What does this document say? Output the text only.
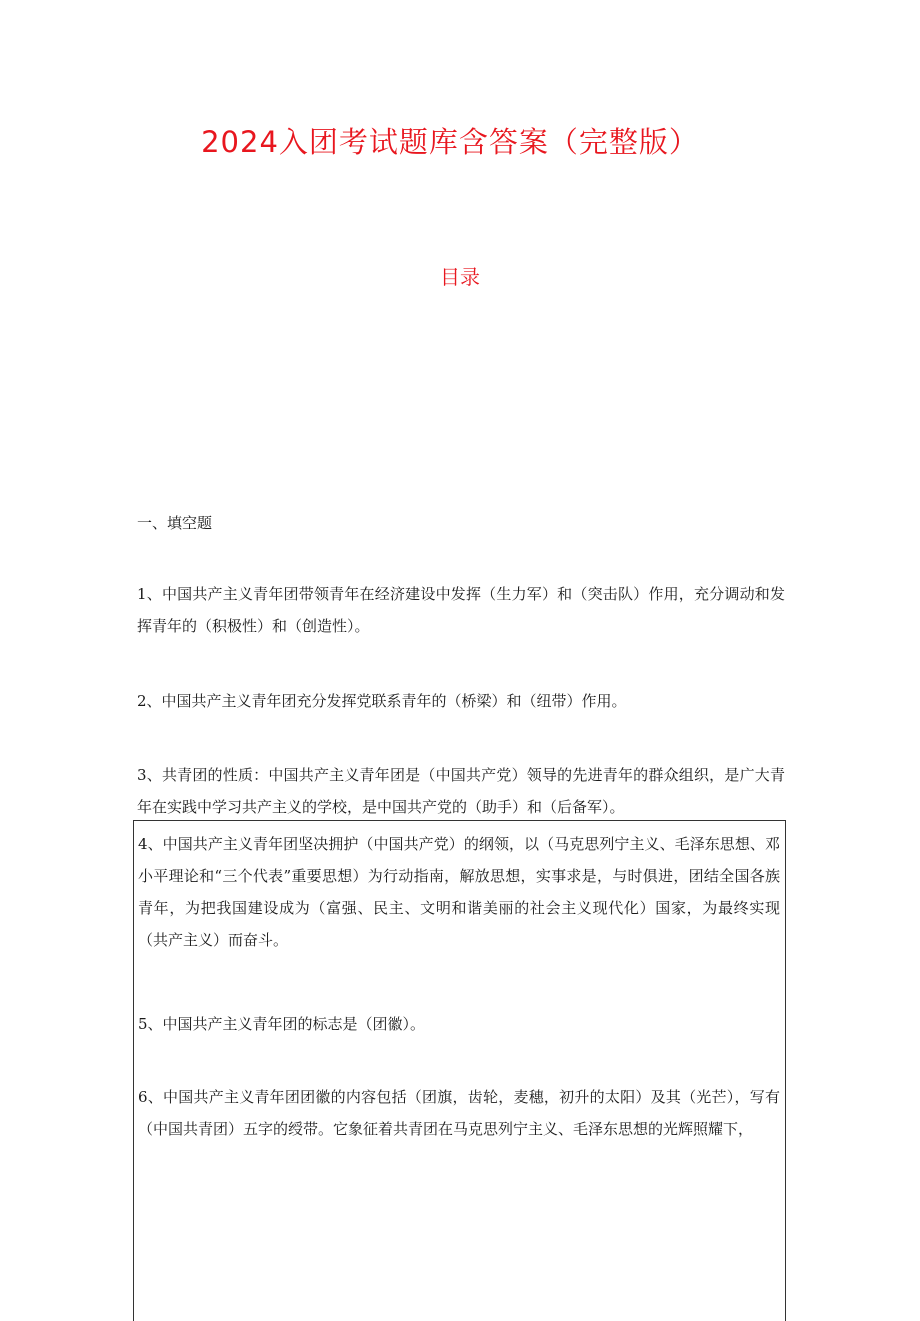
2024入团考试题库含答案（完整版）
目录
一、填空题

1、中国共产主义青年团带领青年在经济建设中发挥（生力军）和（突击队）作用，充分调动和发挥青年的（积极性）和（创造性）。

2、中国共产主义青年团充分发挥党联系青年的（桥梁）和（纽带）作用。

3、共青团的性质：中国共产主义青年团是（中国共产党）领导的先进青年的群众组织，是广大青年在实践中学习共产主义的学校，是中国共产党的（助手）和（后备军）。

4、中国共产主义青年团坚决拥护（中国共产党）的纲领，以（马克思列宁主义、毛泽东思想、邓小平理论和“三个代表”重要思想）为行动指南，解放思想，实事求是，与时俱进，团结全国各族青年，为把我国建设成为（富强、民主、文明和谐美丽的社会主义现代化）国家，为最终实现（共产主义）而奋斗。

5、中国共产主义青年团的标志是（团徽）。

6、中国共产主义青年团团徽的内容包括（团旗，齿轮，麦穗，初升的太阳）及其（光芒），写有（中国共青团）五字的绶带。它象征着共青团在马克思列宁主义、毛泽东思想的光辉照耀下，
